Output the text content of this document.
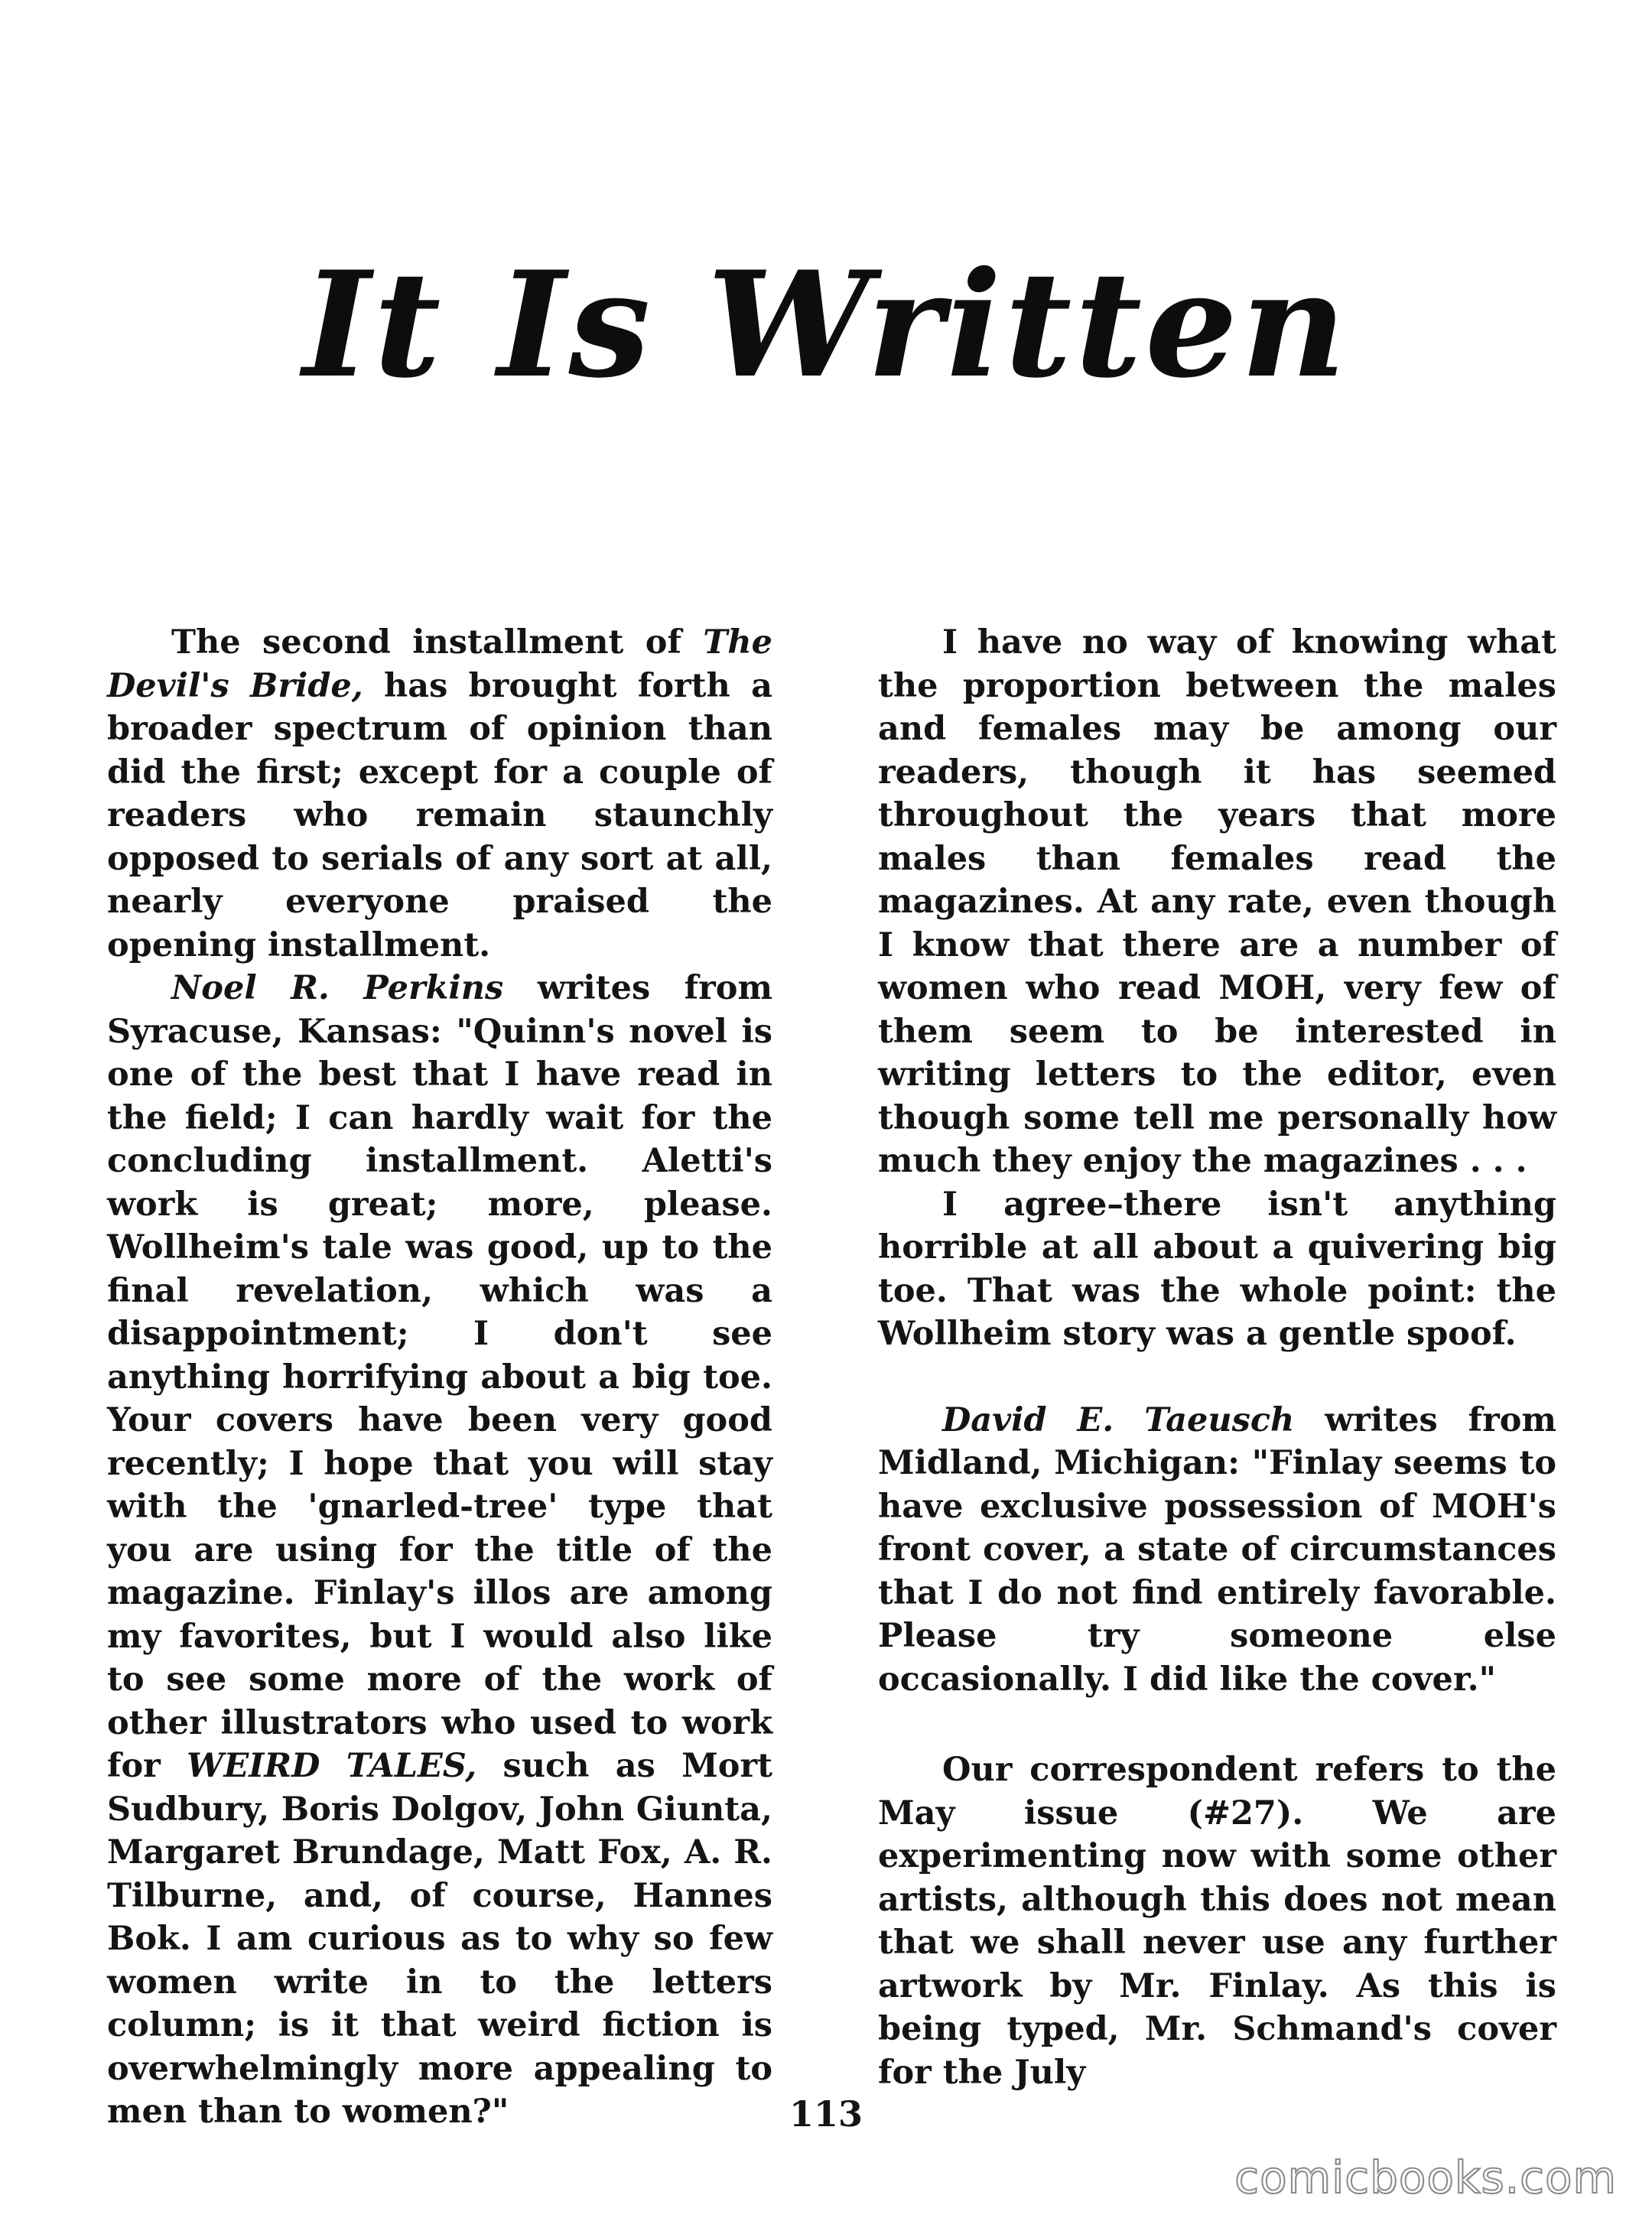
It Is Written

The second installment of The Devil's Bride, has brought forth a broader spectrum of opinion than did the first; except for a couple of readers who remain staunchly opposed to serials of any sort at all, nearly everyone praised the opening installment.

Noel R. Perkins writes from Syracuse, Kansas: "Quinn's novel is one of the best that I have read in the field; I can hardly wait for the concluding installment. Aletti's work is great; more, please. Wollheim's tale was good, up to the final revelation, which was a disappointment; I don't see anything horrifying about a big toe. Your covers have been very good recently; I hope that you will stay with the 'gnarled-tree' type that you are using for the title of the magazine. Finlay's illos are among my favorites, but I would also like to see some more of the work of other illustrators who used to work for WEIRD TALES, such as Mort Sudbury, Boris Dolgov, John Giunta, Margaret Brundage, Matt Fox, A. R. Tilburne, and, of course, Hannes Bok. I am curious as to why so few women write in to the letters column; is it that weird fiction is overwhelmingly more appealing to men than to women?"

I have no way of knowing what the proportion between the males and females may be among our readers, though it has seemed throughout the years that more males than females read the magazines. At any rate, even though I know that there are a number of women who read MOH, very few of them seem to be interested in writing letters to the editor, even though some tell me personally how much they enjoy the magazines . . .

I agree–there isn't anything horrible at all about a quivering big toe. That was the whole point: the Wollheim story was a gentle spoof.

David E. Taeusch writes from Midland, Michigan: "Finlay seems to have exclusive possession of MOH's front cover, a state of circumstances that I do not find entirely favorable. Please try someone else occasionally. I did like the cover."

Our correspondent refers to the May issue (#27). We are experimenting now with some other artists, although this does not mean that we shall never use any further artwork by Mr. Finlay. As this is being typed, Mr. Schmand's cover for the July

113
comicbooks.com
